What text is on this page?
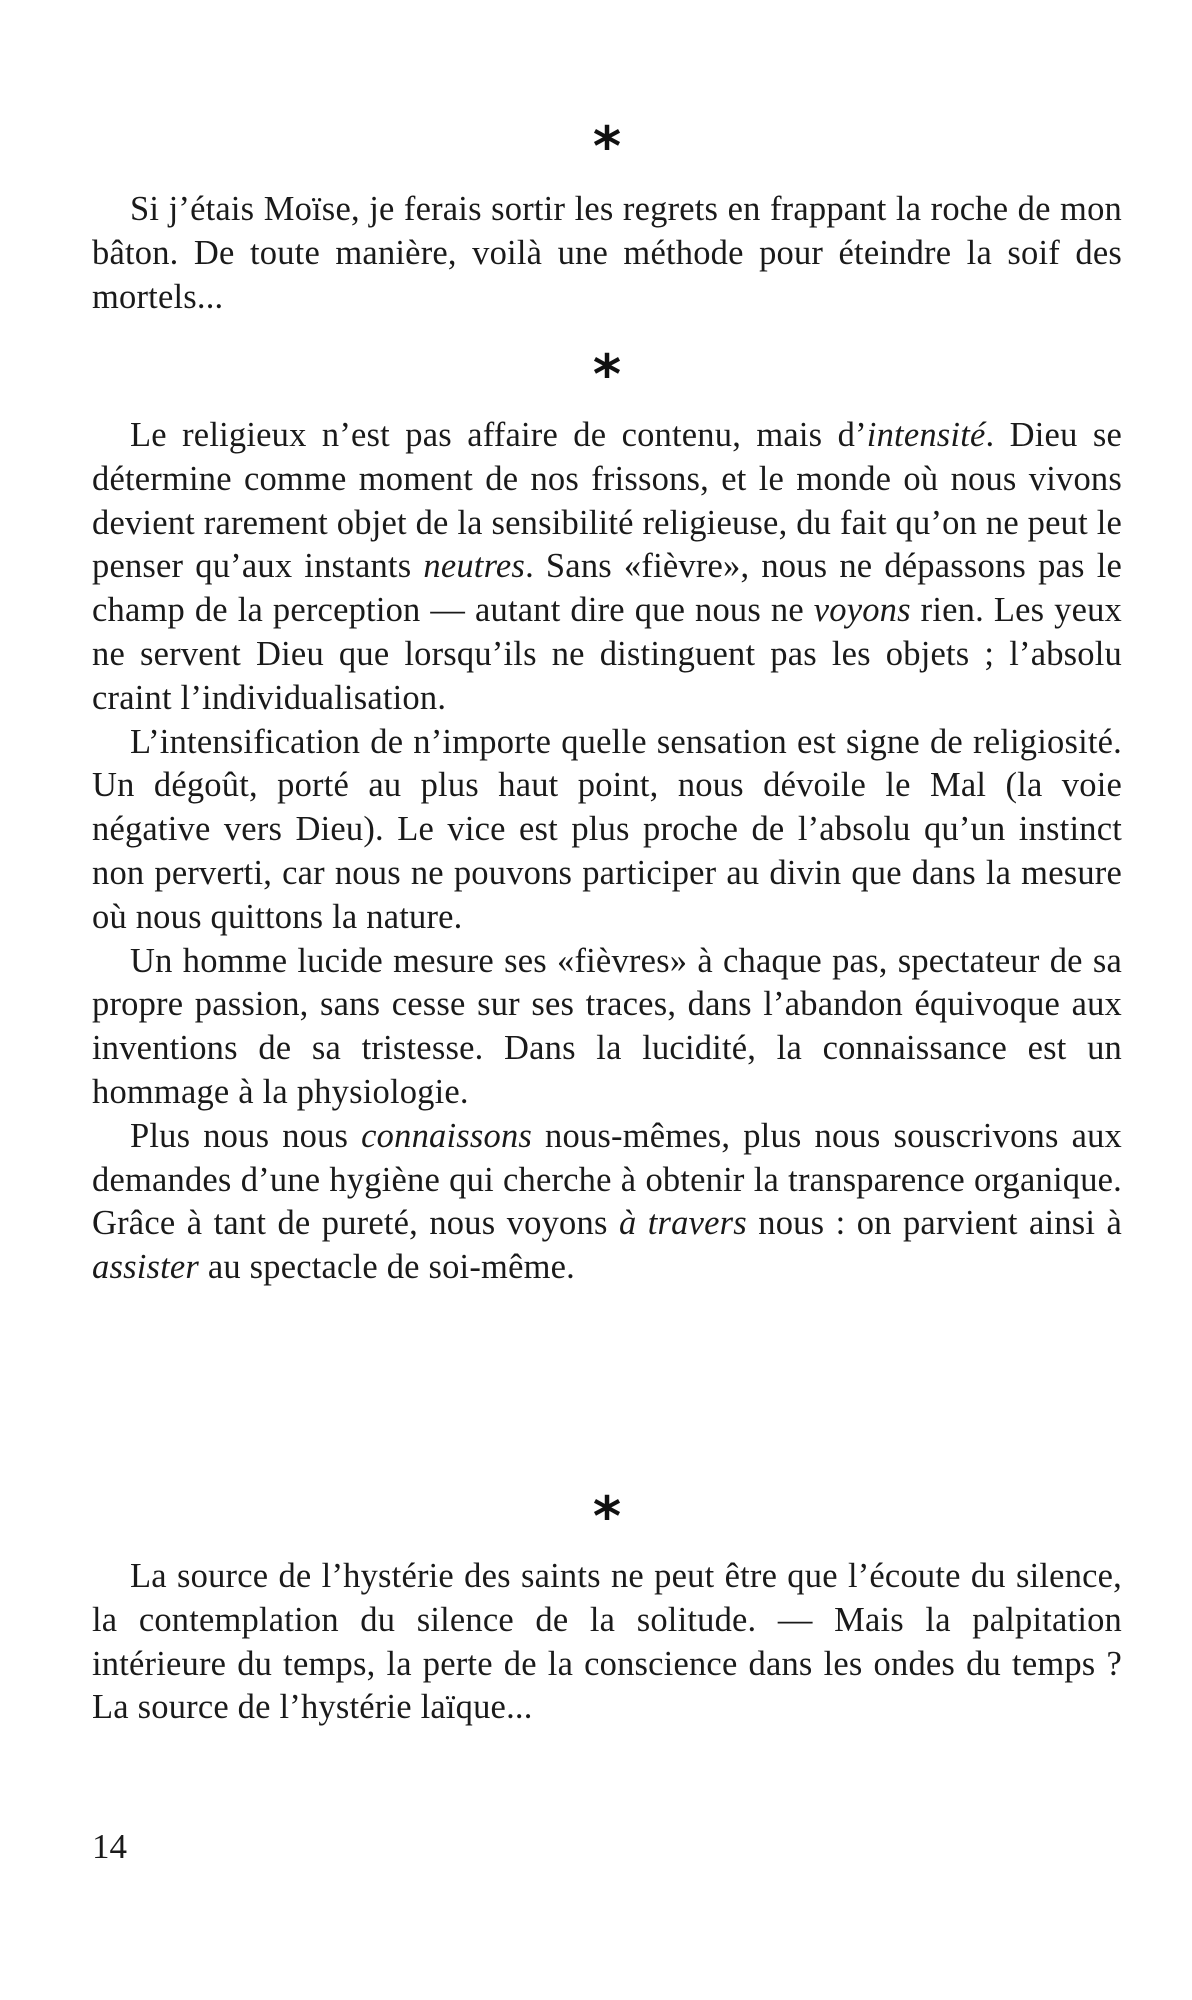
*

Si j’étais Moïse, je ferais sortir les regrets en frappant la roche de mon bâton. De toute manière, voilà une méthode pour éteindre la soif des mortels...

*

Le religieux n’est pas affaire de contenu, mais d’intensité. Dieu se détermine comme moment de nos frissons, et le monde où nous vivons devient rarement objet de la sensibilité religieuse, du fait qu’on ne peut le penser qu’aux instants neutres. Sans «fièvre», nous ne dépassons pas le champ de la perception — autant dire que nous ne voyons rien. Les yeux ne servent Dieu que lorsqu’ils ne distinguent pas les objets ; l’absolu craint l’individualisation.

L’intensification de n’importe quelle sensation est signe de religiosité. Un dégoût, porté au plus haut point, nous dévoile le Mal (la voie négative vers Dieu). Le vice est plus proche de l’absolu qu’un instinct non perverti, car nous ne pouvons participer au divin que dans la mesure où nous quittons la nature.

Un homme lucide mesure ses «fièvres» à chaque pas, spectateur de sa propre passion, sans cesse sur ses traces, dans l’abandon équivoque aux inventions de sa tristesse. Dans la lucidité, la connaissance est un hommage à la physiologie.

Plus nous nous connaissons nous-mêmes, plus nous souscrivons aux demandes d’une hygiène qui cherche à obtenir la transparence organique. Grâce à tant de pureté, nous voyons à travers nous : on parvient ainsi à assister au spectacle de soi-même.

*

La source de l’hystérie des saints ne peut être que l’écoute du silence, la contemplation du silence de la solitude. — Mais la palpitation intérieure du temps, la perte de la conscience dans les ondes du temps ? La source de l’hystérie laïque...

14
